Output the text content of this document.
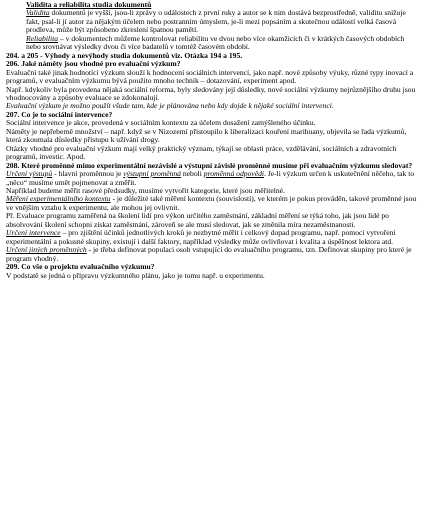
Validita a reliabilita studia dokumentů

Validita dokumentů je vyšší, jsou-li zprávy o událostech z první ruky a autor se k nim dostává bezprostředně, validitu snižuje fakt, psal-li jí autor za nějakým účelem nebo postranním úmyslem, je-li mezi popsáním a skutečnou událostí velká časová prodleva, může být způsobeno zkreslení špatnou pamětí.

Reliabilita – v dokumentech můžeme kontrolovat reliabilitu ve dvou nebo více okamžicích či v krátkých časových obdobích nebo srovnávat výsledky dvou či více badatelů v tomtéž časovém období.

204. a 205 - Výhody a nevýhody studia dokumentů viz. Otázka 194 a 195.

206. Jaké náměty jsou vhodné pro evaluační výzkum?

Evaluační také jinak hodnotící výzkum slouží k hodnocení sociálních intervencí, jako např. nové způsoby výuky, různé typy inovací a programů, v evaluačním výzkumu bývá použito mnoho technik – dotazování, experiment apod.

Např. kdykoliv byla provedena nějaká sociální reforma, byly sledovány její důsledky, nové sociální výzkumy nejrůznějšího druhu jsou vhodnocovány a způsoby evaluace se zdokonalují.

Evaluační výzkum je možno použít všude tam, kde je plánována nebo kdy dojde k nějaké sociální intervenci.

207. Co je to sociální intervence?

Sociální intervence je akce, provedená v sociálním kontextu za účelem dosažení zamýšleného účinku.

Náměty je nepřeberně množství – např. když se v Nizozemí přistoupilo k liberalizaci kouření marihuany, objevila se řada výzkumů, která zkoumala důsledky přístupu k užívání drogy.

Otázky vhodné pro evaluační výzkum mají velký praktický význam, týkají se oblasti práce, vzdělávání, sociálních a zdravotních programů, investic. Apod.

208. Které proměnné mimo experimentální nezávislé a výstupní závislé proměnné musíme při evaluačním výzkumu sledovat?

Určení výstupů - hlavní proměnnou je výstupní proměnná neboli proměnná odpovědi. Je-li výzkum určen k uskutečnění něčeho, tak to „něco“ musíme umět pojmenovat a změřit.

Například budeme měřit rasové předsudky, musíme vytvořit kategorie, které jsou měřitelné.

Měření experimentálního kontextu - je důležité také měření kontextu (souvislostí), ve kterém je pokus prováděn, takové proměnné jsou ve vnějším vztahu k experimentu, ale mohou jej ovlivnit.

Př. Evaluace programu zaměřená na školení lidí pro výkon určitého zaměstnání, základní měření se týká toho, jak jsou lidé po absolvování školení schopni získat zaměstnání, zároveň se ale musí sledovat, jak se změnila míra nezaměstnanosti.

Určení intervence – pro zjištění účinků jednotlivých kroků je nezbytné měřit i celkový dopad programu, např. pomocí vytvoření experimentální a pokusné skupiny, existují i další faktory, například výsledky může ovlivňovat i kvalita a úspěšnost lektora atd.

Určení jiných proměnných - je třeba definovat populaci osob vstupující do evaluačního programu, tzn. Definovat skupiny pro které je program vhodný.

209. Co vše o projektu evaluačního výzkumu?

V podstatě se jedná o přípravu výzkumného plánu, jako je tomu např. u experimentu.
